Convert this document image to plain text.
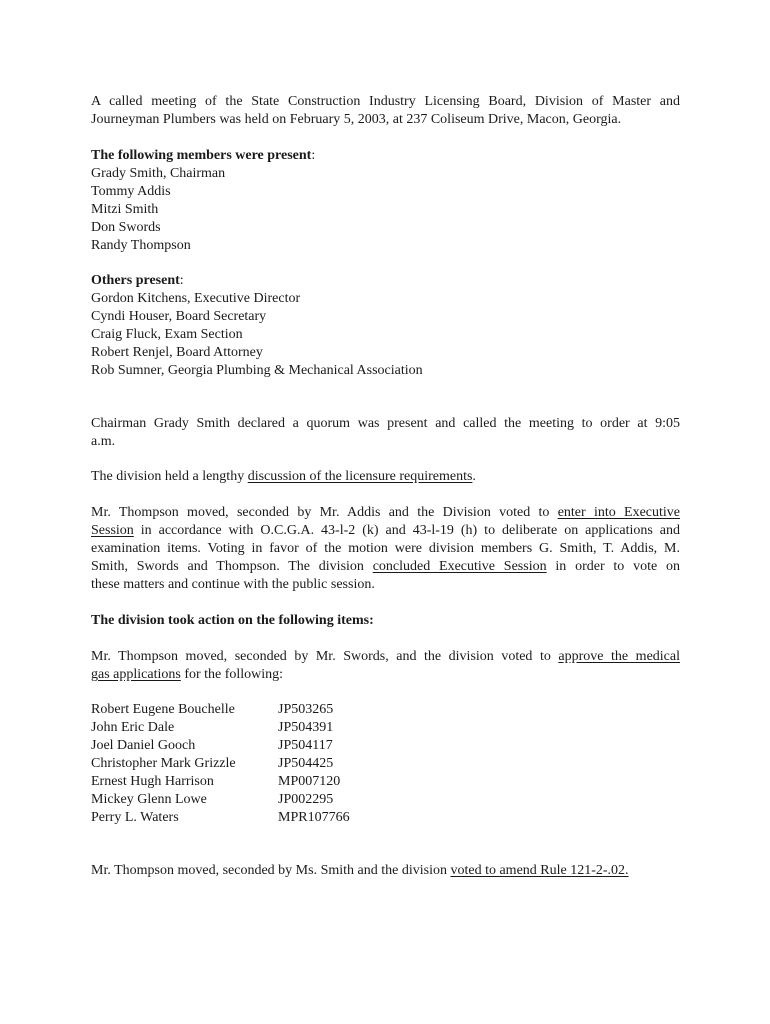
A called meeting of the State Construction Industry Licensing Board, Division of Master and
Journeyman Plumbers was held on February 5, 2003, at 237 Coliseum Drive, Macon, Georgia.
The following members were present:
Grady Smith, Chairman
Tommy Addis
Mitzi Smith
Don Swords
Randy Thompson
Others present:
Gordon Kitchens, Executive Director
Cyndi Houser, Board Secretary
Craig Fluck, Exam Section
Robert Renjel, Board Attorney
Rob Sumner, Georgia Plumbing & Mechanical Association
Chairman Grady Smith declared a quorum was present and called the meeting to order at 9:05
a.m.
The division held a lengthy discussion of the licensure requirements.
Mr. Thompson moved, seconded by Mr. Addis and the Division voted to enter into Executive
Session in accordance with O.C.G.A. 43-l-2 (k) and 43-l-19 (h) to deliberate on applications and
examination items. Voting in favor of the motion were division members G. Smith, T. Addis, M.
Smith, Swords and Thompson. The division concluded Executive Session in order to vote on
these matters and continue with the public session.
The division took action on the following items:
Mr. Thompson moved, seconded by Mr. Swords, and the division voted to approve the medical
gas applications for the following:
Robert Eugene Bouchelle	JP503265
John Eric Dale	JP504391
Joel Daniel Gooch	JP504117
Christopher Mark Grizzle	JP504425
Ernest Hugh Harrison	MP007120
Mickey Glenn Lowe	JP002295
Perry L. Waters	MPR107766
Mr. Thompson moved, seconded by Ms. Smith and the division voted to amend Rule 121-2-.02.
